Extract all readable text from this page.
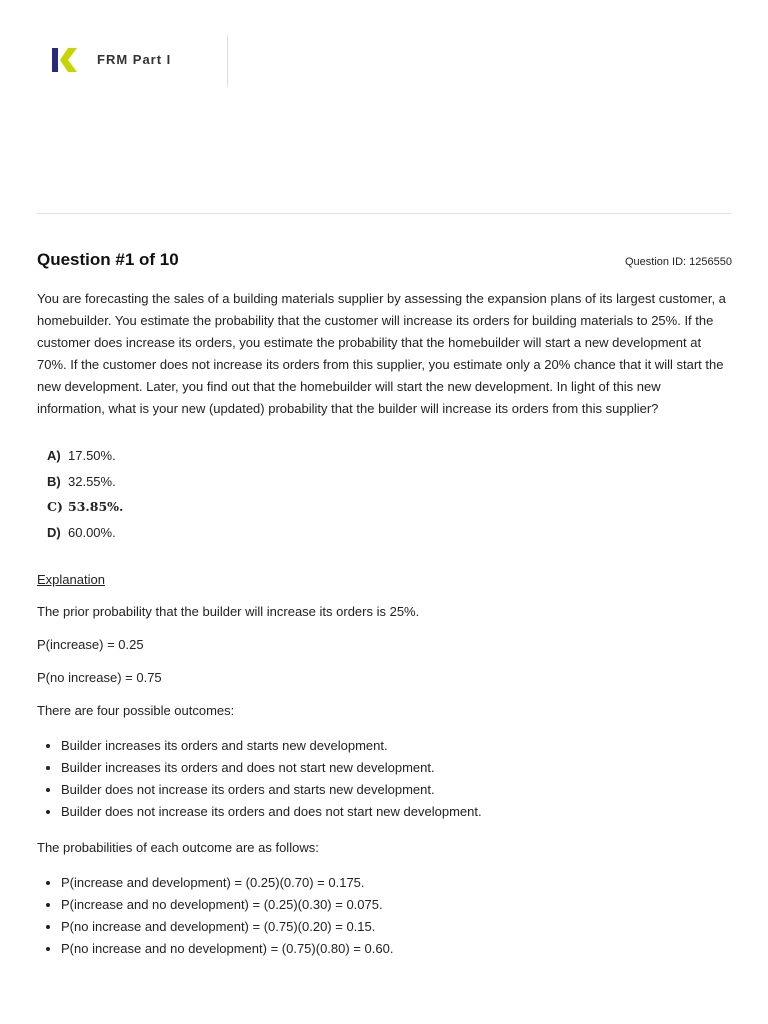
FRM Part I
Question #1 of 10	Question ID: 1256550
You are forecasting the sales of a building materials supplier by assessing the expansion plans of its largest customer, a homebuilder. You estimate the probability that the customer will increase its orders for building materials to 25%. If the customer does increase its orders, you estimate the probability that the homebuilder will start a new development at 70%. If the customer does not increase its orders from this supplier, you estimate only a 20% chance that it will start the new development. Later, you find out that the homebuilder will start the new development. In light of this new information, what is your new (updated) probability that the builder will increase its orders from this supplier?
A) 17.50%.
B) 32.55%.
C) 53.85%.
D) 60.00%.
Explanation
The prior probability that the builder will increase its orders is 25%.
P(increase) = 0.25
P(no increase) = 0.75
There are four possible outcomes:
• Builder increases its orders and starts new development.
• Builder increases its orders and does not start new development.
• Builder does not increase its orders and starts new development.
• Builder does not increase its orders and does not start new development.
The probabilities of each outcome are as follows:
• P(increase and development) = (0.25)(0.70) = 0.175.
• P(increase and no development) = (0.25)(0.30) = 0.075.
• P(no increase and development) = (0.75)(0.20) = 0.15.
• P(no increase and no development) = (0.75)(0.80) = 0.60.
